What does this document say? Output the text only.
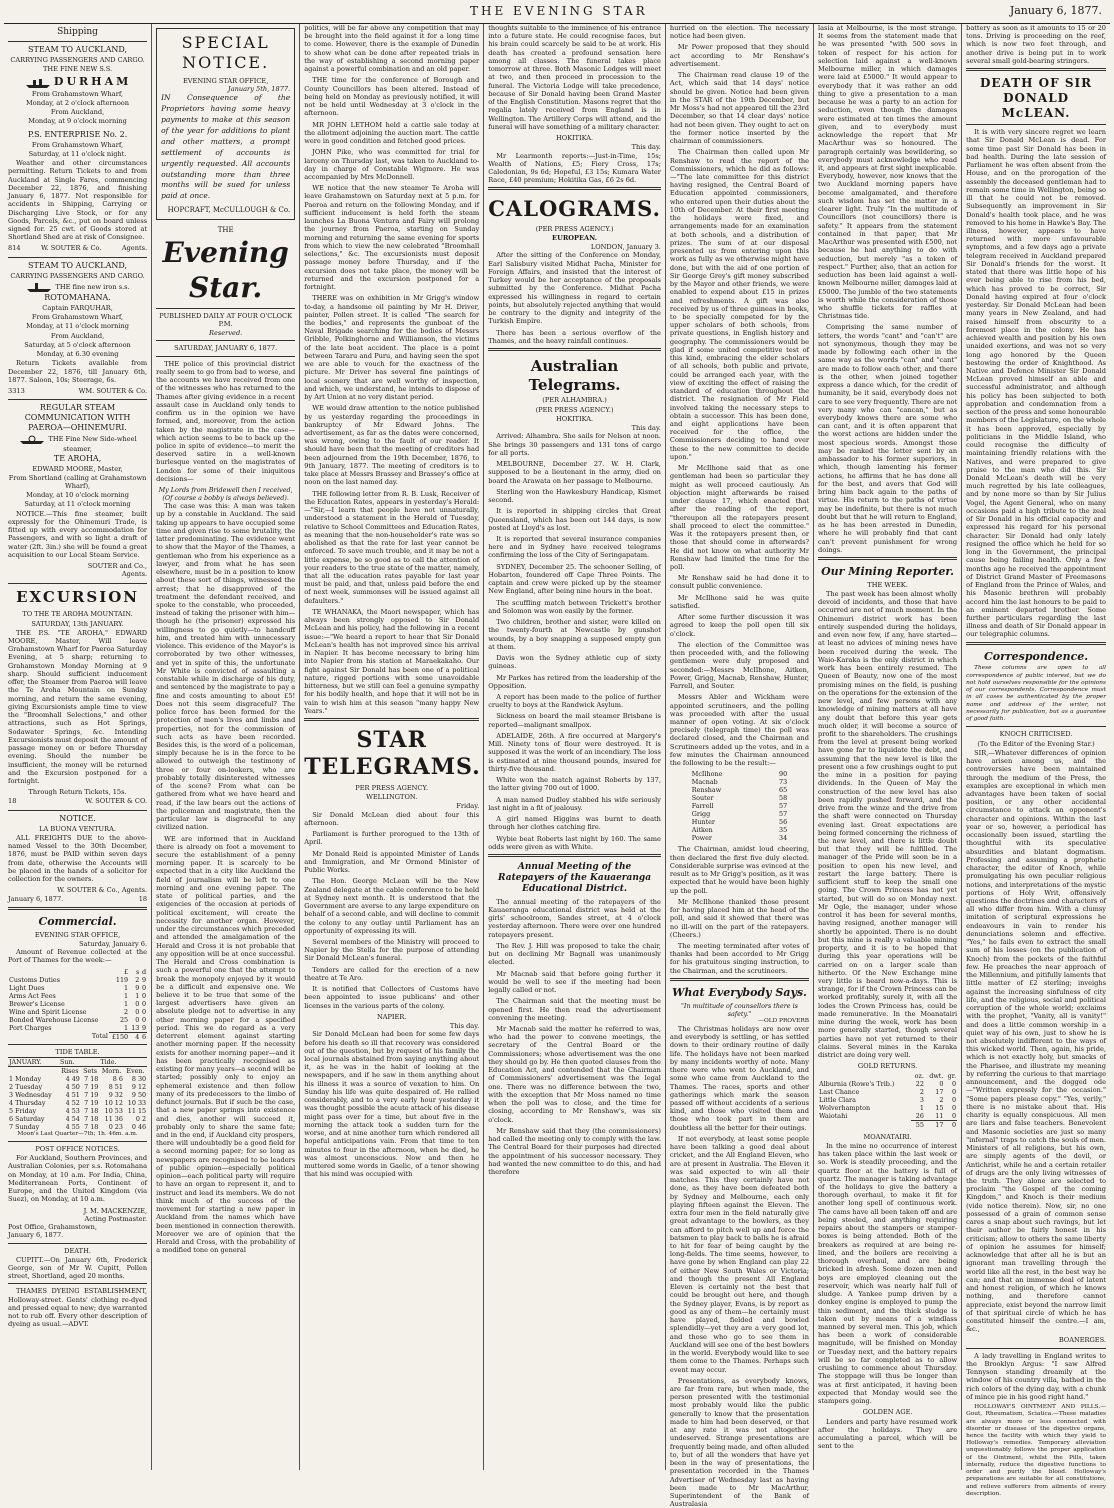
THE EVENING STAR	January 6, 1877.
Shipping
STEAM TO AUCKLAND,
CARRYING PASSENGERS AND CARGO.
THE FINE NEW S.S.
DURHAM
From Grahamstown Wharf,
Monday, at 2 o'clock afternoon
From Auckland,
Monday, at 9 o'clock morning
P.S. ENTERPRISE No. 2.
From Grahamstown Wharf,
Saturday, at 11 o'clock night.

Weather and other circumstances permitting. Return Tickets to and from Auckland at Single Fares, commencing December 22, 1876, and finishing January 6, 1877. Not responsible for accidents in Shipping, Carrying or Discharging Live Stock, or for any Goods, Parcels, &c., put on board unless signed for. 25 cwt. of Goods stored at Shortland Shed are at risk of Consignee.

814	W. SOUTER & Co.	Agents.
STEAM TO AUCKLAND,
CARRYING PASSENGERS AND CARGO.
THE fine new iron s.s.
ROTOMAHANA.
Captain FARQUHAR,
From Grahamstown Wharf,
Monday, at 11 o'clock morning
From Auckland,
Saturday, at 5 o'clock afternoon
Monday, at 6.30 evening

Return Tickets available from December 22, 1876, till January 6th, 1877. Saloon, 10s; Steerage, 6s.

3313	WM. SOUTER & Co.
REGULAR STEAM COMMUNICATION WITH PAEROA—OHINEMURI.
THE Fine New Side-wheel steamer,
TE AROHA,
EDWARD MOORE, Master,
From Shortland (calling at Grahamstown Wharf),
Monday, at 10 o'clock morning
Saturday, at 11 o'clock morning

NOTICE.—This fine steamer, built expressly for the Ohinemuri Trade, is fitted up with every accommodation for Passengers, and with so light a draft of water (2ft. 3in.) she will be found a great acquisition to our Local Steam Service.

SOUTER and Co.,
Agents.
EXCURSION
TO THE TE AROHA MOUNTAIN.
SATURDAY, 13th JANUARY.

THE P.S. "TE AROHA," EDWARD MOORE, Master, Will leave Grahamstown Wharf for Paeroa Saturday Evening, at 5 sharp; returning to Grahamstown Monday Morning at 9 sharp. Should sufficient inducement offer, the Steamer from Paeroa will leave the Te Aroha Mountain on Sunday morning, and return the same evening, giving Excursionists ample time to view the "Broomhall Selections," and other attractions, such as Hot Springs, Sodawater Springs, &c. Intending Excursionists must deposit the amount of passage money on or before Thursday evening. Should the number be insufficient, the money will be returned and the Excursion postponed for a fortnight.

Through Return Tickets, 15s.
18	W. SOUTER & CO.
NOTICE.
LA BUONA VENTURA.

ALL FREIGHTS DUE to the above-named Vessel to the 30th December, 1876, must be PAID within seven days from date, otherwise the Accounts will be placed in the hands of a solicitor for collection for the owners.

W. SOUTER & Co., Agents.
January 6, 1877.	18
Commercial.
EVENING STAR OFFICE,
Saturday, January 6.

Amount of Revenue collected at the Port of Thames for the week:—

	£	s	d
Customs Duties	119	2	9
Light Dues	1	9	0
Arms Act Fees	1	1	0
Brewer's License	1	0	0
Wine and Spirit License	2	0	0
Bonded Warehouse License	25	0	0
Port Charges	1	13	9
Total	£150	4	6
TIDE TABLE.
JANUARY.	Sun.		Tide.	
	Rises	Sets	Morn.	Even.
1 Monday	4 49	7 18	8 6	8 30
2 Tuesday	4 50	7 19	8 51	9 12
3 Wednesday	4 51	7 19	9 32	9 50
4 Thursday	4 52	7 19	10 12	10 33
5 Friday	4 53	7 18	10 53	11 15
6 Saturday	4 54	7 18	11 36	0 2
7 Sunday	4 55	7 18	0 23	0 46
Moon's Last Quarter—7th; 1h. 46m. a.m.
POST OFFICE NOTICES.

For Auckland, Southern Provinces, and Australian Colonies, per s.s. Rotomahana on Monday, at 10 a.m. For India, China, Mediterranean Ports, Continent of Europe, and the United Kingdom (via Suez), on Monday, at 10 a.m.

J. M. MACKENZIE,
Acting Postmaster.
Post Office, Grahamstown,
January 6, 1877.
DEATH.

CUPITT.—On January 6th, Frederick George, son of Mr W. Cupitt, Pollen street, Shortland, aged 20 months.

THAMES DYEING ESTABLISHMENT, Holloway-street. Gents' clothing re-dyed and pressed equal to new; dye warranted not to rub off. Every other description of dyeing as usual.—ADVT.

SPECIAL NOTICE.
EVENING STAR OFFICE,
January 5th, 1877.
IN Consequence of the Proprietors having some heavy payments to make at this season of the year for additions to plant and other matters, a prompt settlement of accounts is urgently requested. All accounts outstanding more than three months will be sued for unless paid at once.
HOPCRAFT, McCULLOUGH & Co.
THE
Evening Star.
PUBLISHED DAILY AT FOUR O'CLOCK P.M.
Reserved.
SATURDAY, JANUARY 6, 1877.

THE police of this provincial district really seem to go from bad to worse, and the accounts we have received from one of the witnesses who has returned to the Thames after giving evidence in a recent assault case in Auckland only tends to confirm us in the opinion we have formed, and, moreover, from the action taken by the magistrate in the case—which action seems to be to back up the police in spite of evidence—to merit the deserved satire in a well-known burlesque vented on the magistrates of London for some of their iniquitous decisions—

My Lords from Bridewell then I received, (Of course a bobby is always believed).

The case was this: A man was taken up by a constable in Auckland. The said taking up appears to have occupied some time and given rise to some brutality, the latter predominating. The evidence went to show that the Mayor of the Thames, a gentleman who from his experience as a lawyer, and from what he has seen elsewhere, must be in a position to know about these sort of things, witnessed the arrest; that he disapproved of the treatment the defendant received, and spoke to the constable, who proceeded, instead of taking the prisoner with him—though he (the prisoner) expressed his willingness to go quietly—to handcuff him, and treated him with unnecessary violence. This evidence of the Mayor's is corroborated by two other witnesses, and yet in spite of this, the unfortunate Mr White is convicted of assaulting a constable while in discharge of his duty, and sentenced by the magistrate to pay a fine and costs amounting to about £5! Does not this seem disgraceful? The police force has been formed for the protection of men's lives and limbs and properties, not for the commission of such acts as have been recorded. Besides this, is the word of a policeman, simply because he is in the force to be allowed to outweigh the testimony of three or four on-lookers, who are probably totally disinterested witnesses of the scene? From what can be gathered from what we have heard and read, if the law bears out the actions of the policeman and magistrate, then the particular law is disgraceful to any civilized nation.

WE are informed that in Auckland there is already on foot a movement to secure the establishment of a penny morning paper. It is scarcely to be expected that in a city like Auckland the field of journalism will be left to one morning and one evening paper. The state of political parties, and the exigencies of the occasion at periods of political excitement, will create the necessity for another organ. However, under the circumstances which preceded and attended the amalgamation of the Herald and Cross it is not probable that any opposition will be at once successful. The Herald and Cross combination is such a powerful one that the attempt to break the monopoly enjoyed by it would be a difficult and expensive one. We believe it to be true that some of the largest advertisers have given an absolute pledge not to advertise in any other morning paper for a specified period. This we do regard as a very deterrent element against starting another morning paper. If the necessity exists for another morning paper—and it has been practically recognised as existing for many years—a second will be started; possibly only to enjoy an ephemeral existence and then follow many of its predecessors to the limbo of defunct journals. But if such be the case, that a new paper springs into existence and dies, another will succeed it, probably only to share the same fate; and in the end, if Auckland city prospers, there will undoubtedly be a good field for a second morning paper; for so long as newspapers are recognised to be leaders of public opinion—especially political opinion—each political party will require to have an organ to represent it, and to instruct and lead its members. We do not think much of the success of the movement for starting a new paper in Auckland from the names which have been mentioned in connection therewith. Moreover we are of opinion that the Herald and Cross, with the probability of a modified tone on general

politics, will be far above any competition that may be brought into the field against it for a long time to come. However, there is the example of Dunedin to show what can be done after repeated trials in the way of establishing a second morning paper against a powerful combination and an old paper.

THE time for the conference of Borough and County Councillors has been altered. Instead of being held on Monday as previously notified, it will not be held until Wednesday at 3 o'clock in the afternoon.

MR JOHN LETHOM held a cattle sale today at the allotment adjoining the auction mart. The cattle were in good condition and fetched good prices.

JOHN Pike, who was committed for trial for larceny on Thursday last, was taken to Auckland to-day in charge of Constable Wigmore. He was accompanied by Mrs McDonnell.

WE notice that the new steamer Te Aroha will leave Grahamstown on Saturday next at 5 p.m. for Paeroa and return on the following Monday, and if sufficient inducement is held forth the steam launches La Buona Ventura and Fairy will prolong the journey from Paeroa, starting on Sunday morning and returning the same evening for sports from which to view the new celebrated "Broomhall selections," &c. The excursionists must deposit passage money before Thursday, and if the excursion does not take place, the money will be returned and the excursion postponed for a fortnight.

THERE was on exhibition in Mr Grigg's window to-day, a handsome oil painting by Mr H. Driver, painter, Pollen street. It is called "The search for the bodies," and represents the gunboat of the Naval Brigade searching for the bodies of Messrs Gribble, Polkinghorne and Williamson, the victims of the late boat accident. The place is a point between Tararu and Puru, and having seen the spot we are able to vouch for the exactness of the picture. Mr Driver has several fine paintings of local scenery that are well worthy of inspection, and which, we understand, he intends to dispose of by Art Union at no very distant period.

WE would draw attention to the notice published by us yesterday regarding the proceedings in bankruptcy of Mr Edward Johns. The advertisement, as far as the dates were concerned, was wrong, owing to the fault of our reader. It should have been that the meeting of creditors had been adjourned from the 19th December, 1876, to 9th January, 1877. The meeting of creditors is to take place at Messrs Brassey and Brassey's office at noon on the last named day.

THE following letter from R. B. Lusk, Receiver of the Education Rates, appears in yesterday's Herald:—"Sir,—I learn that people have not unnaturally, understood a statement in the Herald of Tuesday, relative to School Committees and Education Rates, as meaning that the non-householder's rate was so abolished as that the rate for last year cannot be enforced. To save much trouble, and it may be not a little expense, be so good as to call the attention of your readers to the true state of the matter, namely, that all the education rates payable for last year must be paid, and that, unless paid before the end of next week, summonses will be issued against all defaulters."

TE WHANAKA, the Maori newspaper, which has always been strongly opposed to Sir Donald McLean and his policy, had the following in a recent issue:—"We heard a report to hear that Sir Donald McLean's health has not improved since his arrival in Napier. It has become necessary to bring him into Napier from his station at Maraekakaho. Our fight against Sir Donald has been one of a political nature, rigged portions with some unavoidable bitterness, but we still can feel a genuine sympathy for his bodily health, and hope that it will not be in vain to wish him at this season "many happy New Years."

STAR TELEGRAMS.
PER PRESS AGENCY.
WELLINGTON.
Friday.

Sir Donald McLean died about four this afternoon.

Parliament is further prorogued to the 13th of April.

Mr Donald Reid is appointed Minister of Lands and Immigration, and Mr Ormond Minister of Public Works.

The Hon. George McLean will be the New Zealand delegate at the cable conference to be held at Sydney next month. It is understood that the Government are averse to any large expenditure on behalf of a second cable, and will decline to commit the colony to any outlay until Parliament has an opportunity of expressing its will.

Several members of the Ministry will proceed to Napier by the Stella for the purpose of attending Sir Donald McLean's funeral.

Tenders are called for the erection of a new theatre at Te Aro.

It is notified that Collectors of Customs have been appointed to issue publicans' and other licenses in the various parts of the colony.

NAPIER.
This day.

Sir Donald McLean had been for some few days before his death so ill that recovery was considered out of the question, but by request of his family the local journals abstained from saying anything about it, as he was in the habit of looking at the newspapers, and if he saw in them anything about his illness it was a source of vexation to him. On Sunday his life was quite despaired of. He rallied considerably, and to a very early hour yesterday it was thought possible the acute attack of his disease might pass over for a time, but about five in the morning the attack took a sudden turn for the worse, and at nine another turn which rendered all hopeful anticipations vain. From that time to ten minutes to four in the afternoon, when he died, he was almost unconscious. Now and then he muttered some words in Gaelic, of a tenor showing that his mind was occupied with

thoughts suitable to the imminence of his entrance into a future state. He could recognise faces, but his brain could scarcely be said to be at work. His death has created a profound sensation here among all classes. The funeral takes place tomorrow at three. Both Masonic Lodges will meet at two, and then proceed in procession to the funeral. The Victoria Lodge will take precedence, because of Sir Donald having been Grand Master of the English Constitution. Masons regret that the regalia lately received from England is in Wellington. The Artillery Corps will attend, and the funeral will have something of a military character.

HOKITIKA.
This day.

Mr Learmonth reports:—Just-in-Time, 15s; Wealth of Nations, £5; Fiery Cross, 17s; Caledonian, 9s 6d; Hopeful, £3 15s; Kumara Water Race, £40 premium; Hokitika Gas, £6 2s 6d.

CALOGRAMS.
(PER PRESS AGENCY.)
EUROPEAN.
LONDON, January 3.

After the sitting of the Conference on Monday, Earl Salisbury visited Midhat Pacha, Minister for Foreign Affairs, and insisted that the interest of Turkey would be her acceptance of the proposals submitted by the Conference. Midhat Pacha expressed his willingness in regard to certain points, but absolutely rejected anything that would be contrary to the dignity and integrity of the Turkish Empire.

There has been a serious overflow of the Thames, and the heavy rainfall continues.

Australian Telegrams.
(PER ALHAMBRA.)
(PER PRESS AGENCY.)
HOKITIKA.
This day.

Arrived: Alhambra. She sails for Nelson at noon. She brings 30 passengers and 131 tons of cargo for all ports.

MELBOURNE, December 27. W. H. Clark, supposed to be a lieutenant in the army, died on board the Arawata on her passage to Melbourne.

Sterling won the Hawkesbury Handicap, Kismet second.

It is reported in shipping circles that Great Queensland, which has been out 144 days, is now posted at Lloyd's as lost.

It is reported that several insurance companies here and in Sydney have received telegrams confirming the loss of the City of Seringapatam.

SYDNEY, December 25. The schooner Selling, of Hobarton, foundered off Cape Three Points. The captain and crew were picked up by the steamer New England, after being nine hours in the boat.

The scuffling match between Trickett's brother and Solomon was won easily by the former.

Two children, brother and sister, were killed on the twenty-fourth at Newcastle by gunshot wounds, by a boy snapping a supposed empty gun at them.

Davis won the Sydney athletic cup of sixty guineas.

Mr Parkes has retired from the leadership of the Opposition.

A report has been made to the police of further cruelty to boys at the Randwick Asylum.

Sickness on board the mail steamer Brisbane is reported—malignant smallpox.

ADELAIDE, 26th. A fire occurred at Margery's Mill. Ninety tons of flour were destroyed. It is supposed it was the work of an incendiary. The loss is estimated at nine thousand pounds, insured for thirty-five thousand.

White won the match against Roberts by 137, the latter giving 700 out of 1000.

A man named Dudley stabbed his wife seriously last night in a fit of jealousy.

A girl named Higgins was burnt to death through her clothes catching fire.

Wybie beat Roberts last night by 160. The same odds were given as with White.

Annual Meeting of the Ratepayers of the Kauaeranga Educational District.

The annual meeting of the ratepayers of the Kauaeranga educational district was held at the girls' schoolroom, Sandes street, at 4 o'clock yesterday afternoon. There were over one hundred ratepayers present.

The Rev. J. Hill was proposed to take the chair, but on declining Mr Bagnall was unanimously elected.

Mr Macnab said that before going further it would be well to see if the meeting had been legally called or not.

The Chairman said that the meeting must be opened first. He then read the advertisement convening the meeting.

Mr Macnab said the matter he referred to was, who had the power to convene meetings, the secretary of the Central Board or the Commissioners; whose advertisement was the one they should go by. He then quoted clauses from the Education Act, and contended that the Chairman of Commissioners' advertisement was the legal one. There was no difference between the two, with the exception that Mr Moss named no time when the poll was to close, and the time for closing, according to Mr Renshaw's, was six o'clock.

Mr Renshaw said that they (the commissioners) had called the meeting only to comply with the law. The Central Board for their purposes had directed the appointment of his successor necessary. They had wanted the new committee to do this, and had therefore

hurried on the election. The necessary notice had been given.

Mr Power proposed that they should act according to Mr Renshaw's advertisement.

The Chairman read clause 19 of the Act, which said that 14 days' notice should be given. Notice had been given in the STAR of the 19th December, but Mr Moss's had not appeared till the 23rd December, so that 14 clear days' notice had not been given. They ought to act on the former notice inserted by the chairman of commissioners.

The Chairman then called upon Mr Renshaw to read the report of the Commissioners, which he did as follows:—"The late committee for this district having resigned, the Central Board of Education appointed commissioners, who entered upon their duties about the 10th of December. At their first meeting the holidays were fixed, and arrangements made for an examination at both schools, and a distribution of prizes. The sum of at our disposal presented us from entering upon this work as fully as we otherwise might have done, but with the aid of one portion of Sir George Grey's gift money subscribed by the Mayor and other friends, we were enabled to expend about £15 in prizes and refreshments. A gift was also received by us of three guineas in books, to be specially competed for by the upper scholars of both schools, from private questions, in English history and geography. The commissioners would be glad if some united competitive test of this kind, embracing the elder scholars of all schools, both public and private, could be arranged each year, with the view of exciting the effect of raising the standard of education throughout the district. The resignation of Mr Field involved taking the necessary steps to obtain a successor. This has been done, and eight applications have been received for the office, the Commissioners deciding to hand over these to the new committee to decide upon."

Mr McIlhone said that as one gentleman had been so particular they might as well proceed cautiously. An objection might afterwards be raised under clause 17, which enacted that after the reading of the report, "thereupon all the ratepayers present shall proceed to elect the committee." Was it the ratepayers present then, or those that should come in afterwards? He did not know on what authority Mr Renshaw had limited the time for the poll.

Mr Renshaw said he had done it to consult public convenience.

Mr McIlhone said he was quite satisfied.

After some further discussion it was agreed to keep the poll open till six o'clock.

The election of the Committee was then proceeded with, and the following gentlemen were duly proposed and seconded:—Messrs McIlhone, Aitken, Power, Grigg, Macnab, Renshaw, Hunter, Farrell, and Souter.

Messrs Abler and Wickham were appointed scrutineers, and the polling was proceeded with after the usual manner of open voting. At six o'clock precisely (telegraph time) the poll was declared closed, and the Chairman and Scrutineers added up the votes, and in a few minutes the Chairman announced the following to be the result:—

McIlhone	90
Macnab	73
Renshaw	65
Souter	58
Farrell	57
Grigg	57
Hunter	56
Aitken	35
Power	34

The Chairman, amidst loud cheering, then declared the first five duly elected. Considerable surprise was evinced at the result as to Mr Grigg's position, as it was expected that he would have been highly up the poll.

Mr McIlhone thanked those present for having placed him at the head of the poll, and said it showed that there was no ill-will on the part of the ratepayers. (Cheers.)

The meeting terminated after votes of thanks had been accorded to Mr Grigg for his gratuitous singing instruction, to the Chairman, and the scrutineers.

What Everybody Says.
"In multitude of counsellors there is safety."
—OLD PROVERB

The Christmas holidays are now over and everybody is settling, or has settled down to their ordinary routine of daily life. The holidays have not been marked by many incidents worthy of note. Many there were who went to Auckland, and some who came from Auckland to the Thames. The races, sports and other gatherings which mark the season passed off without accidents of a serious kind, and those who visited them and those who took part in them are doubtless all the better for their outings.

If not everybody, at least some people have been talking a good deal about cricket, and the All England Eleven, who are at present in Australia. The Eleven it was said expected to win all their matches. This they certainly have not done, as they have been defeated both by Sydney and Melbourne, each only playing fifteen against the Eleven. The extra four men in the field naturally give great advantage to the bowlers, as they can afford to pitch well up and force the batsmen to play back to balls he is afraid to hit for fear of being caught by the long-fields. The time seems, however, to have gone by when England can play 22 of either New South Wales or Victoria; and though the present All England Eleven is certainly not the best that could be brought out here, and though the Sydney player, Evans, is by report as good as any of them—he certainly must have played, fielded and bowled splendidly—yet they are a very good lot, and those who go to see them in Auckland will see one of the best bowlers in the world. Everybody would like to see them come to the Thames. Perhaps such event may occur.

Presentations, as everybody knows, are far from rare, but when made, the person presented with the testimonial most probably would like the public generally to know that the presentation made to him had been deserved, or that at any rate it was not altogether undeserved. Strange presentations are frequently being made, and often alluded to, but of all the wonders that have yet been in the way of presentations, the presentation recorded in the Thames Advertiser of Wednesday last as having been made to Mr MacArthur, Superintendent of the Bank of Australasia

lasia at Melbourne, is the most strange. It seems from the statement made that he was presented "with 500 sovs in token of respect for his action for selection laid against a well-known Melbourne miller, in which damages were laid at £5000." It would appear to everybody that it was rather an odd thing to give a presentation to a man because he was a party to an action for seduction, even though the damages were estimated at ten times the amount given, and to everybody must acknowledge the report that Mr MacArthur was so honoured. The paragraph certainly was bewildering, so everybody must acknowledge who read it, and appears at first sight inexplicable. Everybody, however, now knows that the two Auckland morning papers have become amalgamated, and therefore such wisdom has set the matter in a clearer light. Truly "In the multitude of Councillors (not councillors) there is safety." It appears from the statement contained in that paper, that Mr MacArthur was presented with £500, not because he had anything to do with seduction, but merely "as a token of respect." Further, also, that an action for seduction has been laid against a well-known Melbourne miller, damages laid at £5000. The jumble of the two statements is worth while the consideration of those who shuffle tickets for raffles at Christmas tide.

Comprising the same number of letters, the words "cant" and "can't" are not synonymous, though they may be made by following each other in the same way as the words "can" and "cant" are made to follow each other, and there is the other, when joined together express a dance which, for the credit of humanity, be it said, everybody does not care to see very frequently. There are not very many who can "cancan," but as everybody knows there are some who can cant, and it is often apparent that the worst actions are hidden under the most specious words. Amongst those may be ranked the letter sent by an ambassador to his former superiors, in which, though lamenting his former actions, he affirms that he has done all for the best, and avers that God will bring him back again to the paths of virtue. His return to the paths of virtue may be indefinite, but there is not much doubt but that he will return to England, as he has been arrested in Dunedin, where he will probably find that cant can't prevent punishment for wrong doings.

Our Mining Reporter.
THE WEEK.

The past week has been almost wholly devoid of incidents, and those that have occurred are not of much moment. In the Ohinemuri district work has been entirely suspended during the holidays, and even now few, if any, have started—at least no advices of mining news have been received during the week. The Waio-Karaka is the only district in which work has been entirely resumed. The Queen of Beauty, now one of the most promising mines on the field, is pushing on the operations for the extension of the new level, and few persons with any knowledge of mining matters at all have any doubt that before this year gets much older, it will become a source of profit to the shareholders. The crushings from the level at present being worked have gone far to liquidate the debt, and assuming that the new level is like the present one a few crushings ought to put the mine in a position for paying dividends. In the Queen of May the construction of the new level has also been rapidly pushed forward, and the drive from the winze and the drive from the shaft were connected on Thursday evening last. Great expectations are being formed concerning the richness of the new level, and there is little doubt but that they will be fulfilled. The manager of the Pride will soon be in a position to open his new level, and restart the large battery. There is sufficient stuff to keep the small one going. The Crown Princess has not yet started, but will do so on Monday next. Mr Ogle, the manager, under whose control it has been for several months, having resigned, another manager will shortly be appointed. There is no doubt but this mine is really a valuable mining property, and it is to be hoped that during this year operations will be carried on on a larger scale than hitherto. Of the New Exchange mine very little is heard now-a-days. This is strange, for if the Crown Princess can be worked profitably, surely it, with all the lodes the Crown Princess has, could be made remunerative. In the Moanatairi mine during the week, work has been more generally started, though several parties have not yet returned to their claims. Several mines in the Karaka district are doing very well.

GOLD RETURNS.
	oz.	dwt.	gr.
Alburnia (Rowe's Trib.)	22	0	0
Last Chance	2	17	0
Little Clara	3	2	0
Wolverhampton	1	15	0
Waiotahi	26	11	0
	55	17	0
MOANATAIRI.

In the mine no occurrence of interest has taken place within the last week or so. Work is steadily proceeding, and the quartz floor at the battery is full of quartz. The manager is taking advantage of the holidays to give the battery a thorough overhaul, to make it fit for another long spell of continuous work. The cams have all been taken off and are being steeled, and anything requiring repairs about the stampers or stamper-boxes is being attended. Both of the breakers as required at are being re-lined, and the boilers are receiving a thorough overhaul, and are being bricked in afresh. Some dozen men and boys are employed cleaning out the reservoir, which was nearly half full of sludge. A Yankee pump driven by a donkey engine is employed to pump the thin sediment, and the thick sludge is taken out by means of a windlass manned by several men. This job, which has been a work of considerable magnitude, will be finished on Monday or Tuesday next, and the battery repairs will be so far completed as to allow crushing to commence about Thursday. The stoppage will thus be longer than was at first anticipated, it having been expected that Monday would see the stampers going.

GOLDEN AGE.

Lenders and party have resumed work after the holidays. They are accumulating a parcel, which will be sent to the

battery as soon as it amounts to 15 or 20 tons. Driving is proceeding on the reef, which is now two feet through, and another drive is being put in to work several small gold-bearing stringers.

DEATH OF SIR DONALD McLEAN.

It is with very sincere regret we learn that Sir Donald McLean is dead. For some time past Sir Donald has been in bad health. During the late session of Parliament he was often absent from the House, and on the prorogation of the assembly the deceased gentleman had to remain some time in Wellington, being so ill that he could not be removed. Subsequently an improvement in Sir Donald's health took place, and he was removed to his home in Hawke's Bay. The illness, however, appears to have returned with more unfavourable symptoms, and a few days ago a private telegram received in Auckland prepared Sir Donald's friends for the worst. It stated that there was little hope of his ever being able to rise from his bed, which has proved to be correct, Sir Donald having expired at four o'clock yesterday. Sir Donald McLean had been many years in New Zealand, and had raised himself from obscurity to a foremost place in the colony. He has achieved wealth and position by his own unaided exertions, and was not so very long ago honored by the Queen bestowing the order of Knighthood. As Native and Defence Minister Sir Donald McLean proved himself an able and successful administrator, and although his policy has been subjected to both approbation and condemnation from a section of the press and some honourable members of the Legislature, on the whole it has been approved, especially by politicians in the Middle Island, who could recognise the difficulty of maintaining friendly relations with the Natives, and were prepared to give praise to the man who did this. Sir Donald McLean's death will be very much regretted by his late colleagues, and by none more so than by Sir Julius Vogel, the Agent General, who on many occasions paid a high tribute to the zeal of Sir Donald in his official capacity and expressed his regard for his personal character. Sir Donald had only lately resigned the office which he held for so long in the Government, the principal cause being failing health. Only a few months ago he received the appointment of District Grand Master of Freemasons of England from the Prince of Wales, and his Masonic brethren will probably accord him the last honours to be paid to an eminent departed brother. Some further particulars regarding the last illness and death of Sir Donald appear in our telegraphic columns.

Correspondence.

These columns are open to all correspondence of public interest, but we do not hold ourselves responsible for the opinions of our correspondents. Correspondence must in all cases be authenticated by the proper name and address of the writer, not necessarily for publication, but as a guarantee of good faith.

KNOCH CRITICISED.
(To the Editor of the Evening Star.)

SIR,—Whatever differences of opinion have arisen among us, and the controversies have been maintained through the medium of the Press, the examples are exceptional in which men advantages have been taken of social position, or any other accidental circumstance to attack an opponent's character and opinions. Within the last year or so, however, a periodical has occasionally been issued, startling the thoughtful with its speculative absurdities and blatant dogmatism. Professing and assuming a prophetic character, the editor of Knoch, while promulgating his own peculiar religious notions, and interpretations of the mystic portions of Holy Writ, offensively questions the doctrines and characters of all who differ from him. With a clumsy imitation of scriptural expressions he endeavours in vain to render his denunciations solemn and effective. "Yes," he fails even to extract the small sum of his losses (on the publication of Knoch) from the pockets of the faithful few. He preaches the near approach of the Millennium, and pitifully laments that little matter of £2 sterling; inveighs against the increasing sinfulness of city life, and the religious, social and political corruption of the whole world; exclaims with the prophet, "Vanity, all is vanity!" and does a little common worship in a quiet way of his own, just to show he is not absolutely indifferent to the ways of this wicked world. Then, again, his pride, which is not exactly holy, but smacks of the Pharisee, and illustrate my meaning by referring the curious to that marriage announcement, and the dogged ode—"Written expressly for the occasion." "Some papers please copy." "Yes, verily," there is no mistake about that. His charity is equally conspicuous. All men are liars and false teachers. Benevolent and Masonic societies are just so many "infernal" traps to catch the souls of men. Ministers of all religions, but his own, are simply agents of the devil, or Antichrist, while he and a certain retailer of drugs are the only living witnesses of the truth. They alone are selected to proclaim "the Gospel of the coming Kingdom," and Knoch is their medium (vide notice therein). Now, sir, no one possessed of a grain of common sense cares a snap about such ravings, but let their author be fairly honest in his criticism; allow to others the same liberty of opinion he assumes for himself; acknowledge that after all he is but an ignorant man travelling through the world like all the rest, in the best way he can; and that an immense deal of latent and honest religion, of which he knows nothing, and therefore cannot appreciate, exist beyond the narrow limit of that spiritual circle of which he has constituted himself the centre.—I am, &c.,

BOANERGES.

A lady travelling in England writes to the Brooklyn Argus: "I saw Alfred Tennyson standing dreamily at the window of his country villa, bathed in the rich colors of the dying day, with a chunk of mince pie in his good right hand."

HOLLOWAY'S OINTMENT AND PILLS.—Gout, Rheumatism, Sciatica.—These maladies are always more or less connected with disorder or disease of the digestive organs, hence the facility with which they yield to Holloway's remedies. Temporary alleviation unquestionably follows the proper application of the Ointment, whilst the Pills, taken internally, reduce the digestive functions to order and purify the blood. Holloway's preparations are suitable for all constitutions, and relieve sufferers from ailments of every description.
